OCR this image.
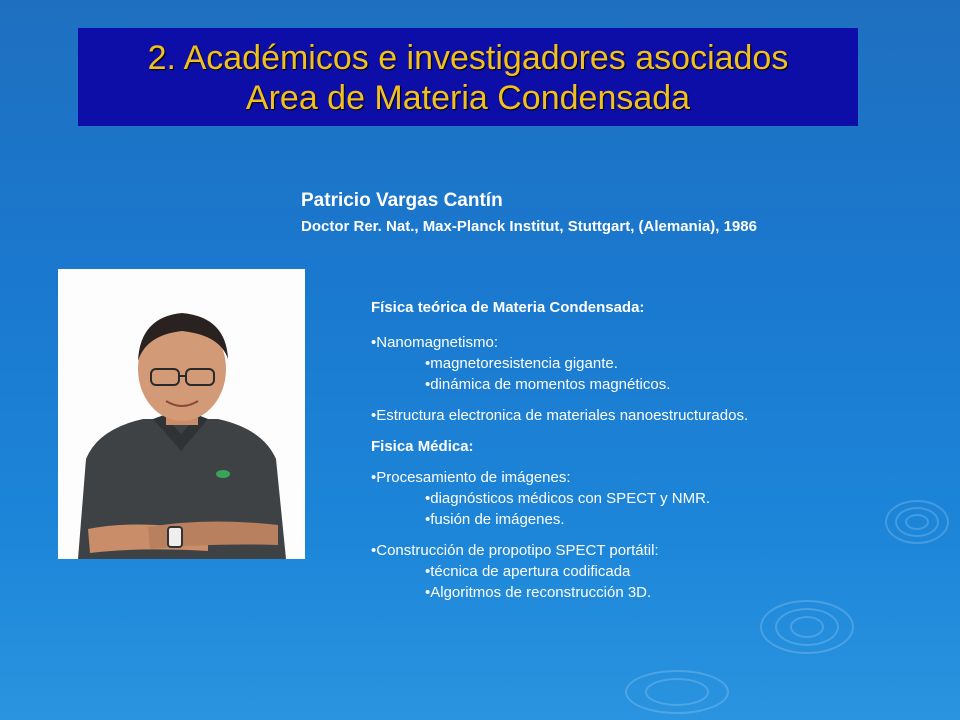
2. Académicos e investigadores asociados
Area de Materia Condensada
Patricio Vargas Cantín
Doctor Rer. Nat., Max-Planck Institut, Stuttgart, (Alemania), 1986

Física teórica de Materia Condensada:

•Nanomagnetismo:

•magnetoresistencia gigante.

•dinámica de momentos magnéticos.

•Estructura electronica de materiales nanoestructurados.

Fisica Médica:

•Procesamiento de imágenes:

•diagnósticos médicos con SPECT y NMR.

•fusión de imágenes.

•Construcción de propotipo SPECT portátil:

•técnica de apertura codificada

•Algoritmos de reconstrucción 3D.
